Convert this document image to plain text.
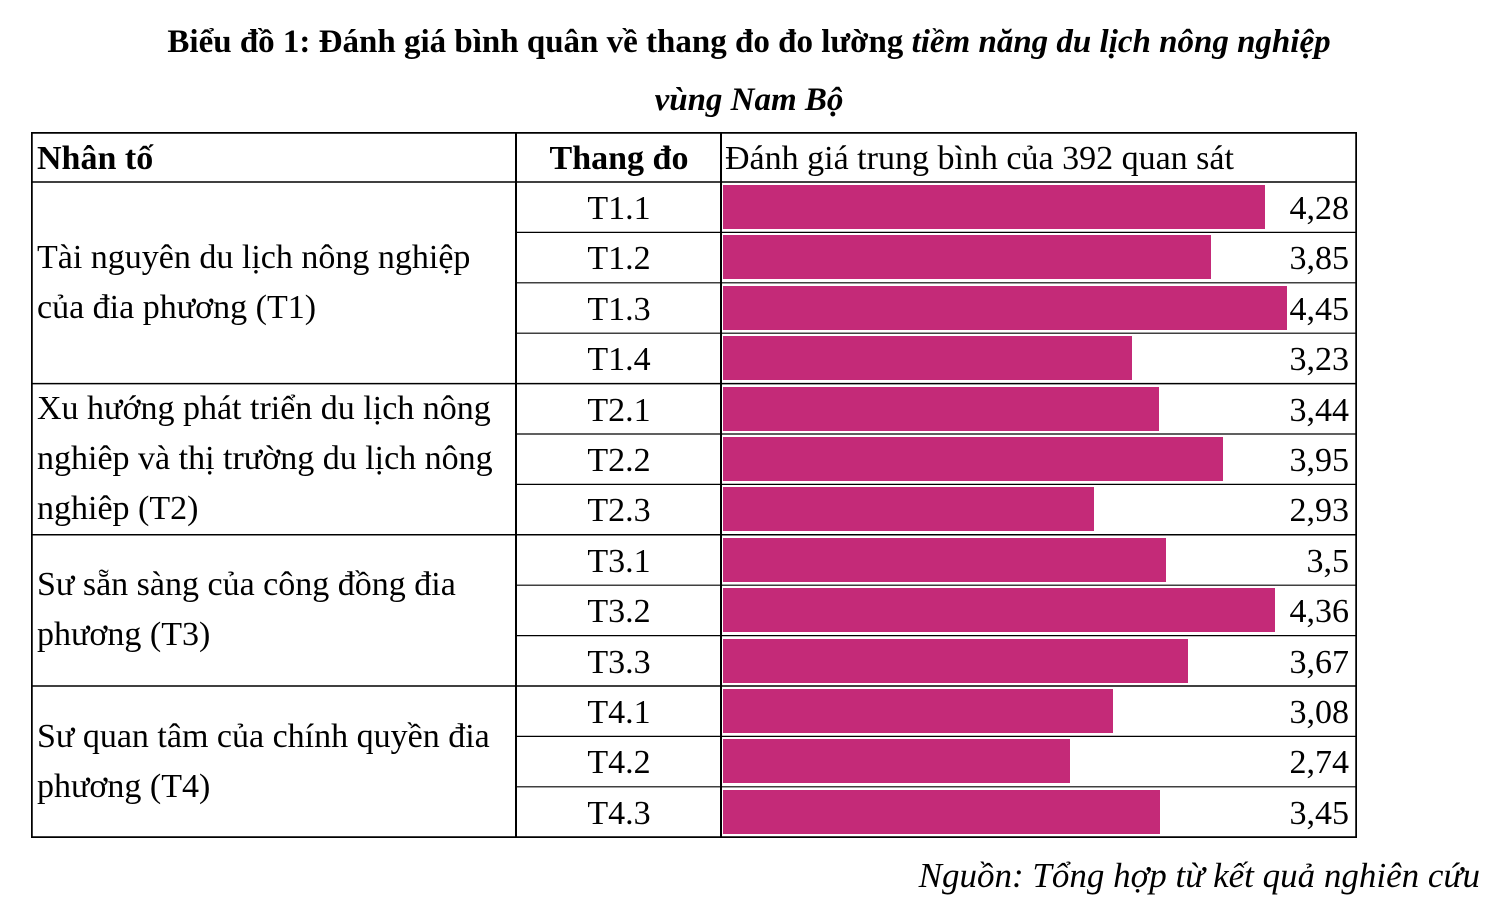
Biểu đồ 1: Đánh giá bình quân về thang đo đo lường tiềm năng du lịch nông nghiệp
vùng Nam Bộ
Nhân tố	Thang đo	Đánh giá trung bình của 392 quan sát
Tài nguyên du lịch nông nghiệp của đia phương (T1)
T1.1	4,28
T1.2	3,85
T1.3	4,45
T1.4	3,23
Xu hướng phát triển du lịch nông nghiêp và thị trường du lịch nông nghiêp (T2)
T2.1	3,44
T2.2	3,95
T2.3	2,93
Sư sẵn sàng của công đồng đia phương (T3)
T3.1	3,5
T3.2	4,36
T3.3	3,67
Sư quan tâm của chính quyền đia phương (T4)
T4.1	3,08
T4.2	2,74
T4.3	3,45
Nguồn: Tổng hợp từ kết quả nghiên cứu
